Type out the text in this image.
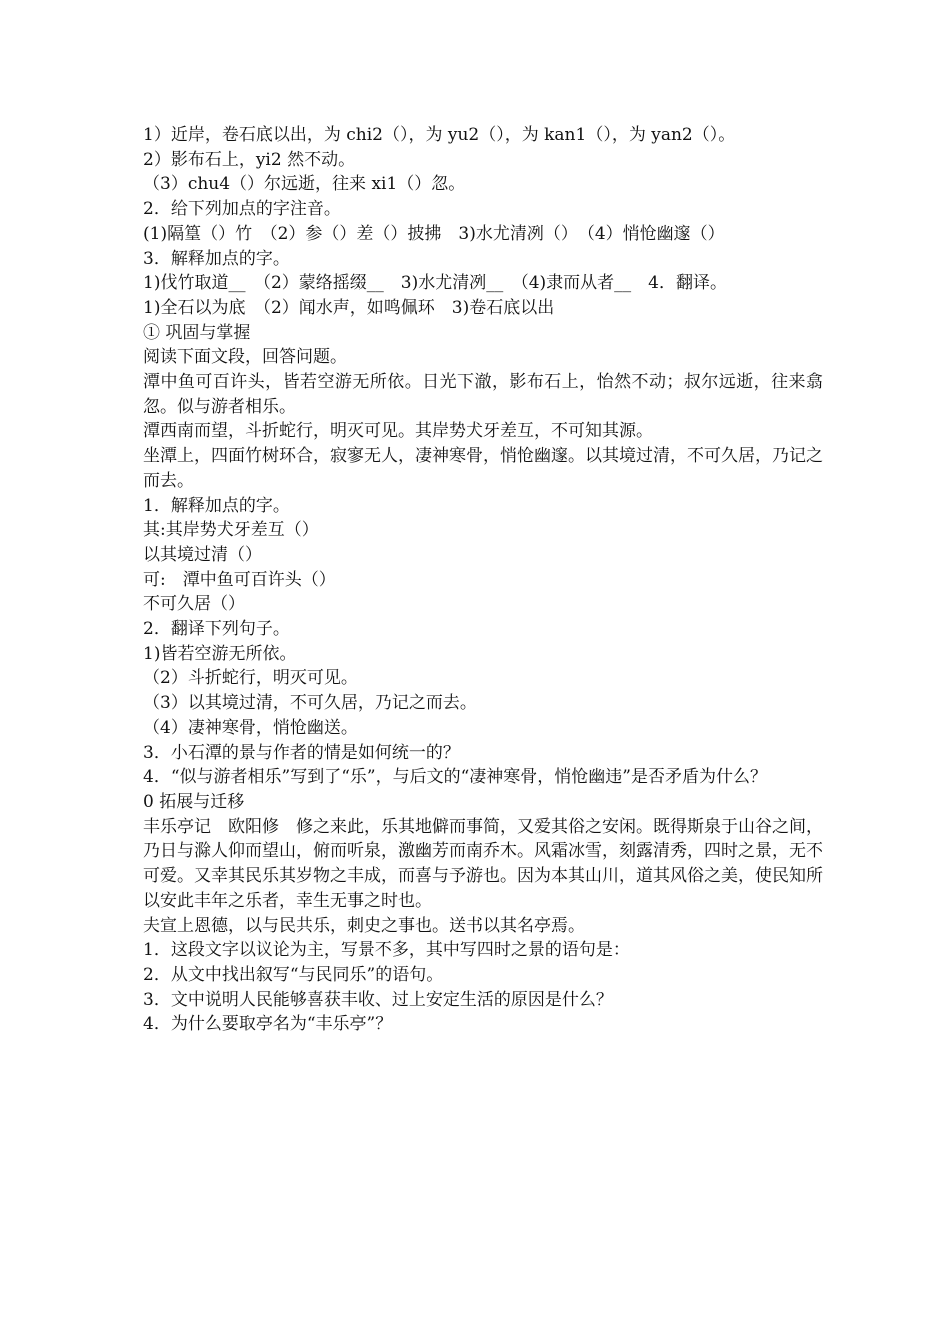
1）近岸，卷石底以出，为 chi2（），为 yu2（），为 kan1（），为 yan2（）。
2）影布石上，yi2 然不动。
（3）chu4（）尔远逝，往来 xi1（）忽。
2．给下列加点的字注音。
(1)隔篁（）竹　（2）参（）差（）披拂　3)水尤清冽（）　（4）悄怆幽邃（）
3．解释加点的字。
1)伐竹取道__　（2）蒙络摇缀__　3)水尤清冽__　（4)隶而从者__　4．翻译。
1)全石以为底　（2）闻水声，如鸣佩环　3)卷石底以出
① 巩固与掌握
阅读下面文段，回答问题。

潭中鱼可百许头，皆若空游无所依。日光下澈，影布石上，怡然不动；叔尔远逝，往来翕忽。似与游者相乐。

潭西南而望，斗折蛇行，明灭可见。其岸势犬牙差互，不可知其源。

坐潭上，四面竹树环合，寂寥无人，凄神寒骨，悄怆幽邃。以其境过清，不可久居，乃记之而去。

1．解释加点的字。
其:其岸势犬牙差互（）
以其境过清（）
可:　潭中鱼可百许头（）
不可久居（）
2．翻译下列句子。
1)皆若空游无所依。
（2）斗折蛇行，明灭可见。
（3）以其境过清，不可久居，乃记之而去。
（4）凄神寒骨，悄怆幽送。
3．小石潭的景与作者的情是如何统一的？

4．“似与游者相乐”写到了“乐”，与后文的“凄神寒骨，悄怆幽违”是否矛盾为什么？

0 拓展与迁移

丰乐亭记　欧阳修　修之来此，乐其地僻而事简，又爱其俗之安闲。既得斯泉于山谷之间，乃日与滁人仰而望山，俯而听泉，激幽芳而南乔木。风霜冰雪，刻露清秀，四时之景，无不可爱。又幸其民乐其岁物之丰成，而喜与予游也。因为本其山川，道其风俗之美，使民知所以安此丰年之乐者，幸生无事之时也。

夫宣上恩德，以与民共乐，刺史之事也。送书以其名亭焉。
1．这段文字以议论为主，写景不多，其中写四时之景的语句是：
2．从文中找出叙写“与民同乐”的语句。
3．文中说明人民能够喜获丰收、过上安定生活的原因是什么？
4．为什么要取亭名为“丰乐亭”？
